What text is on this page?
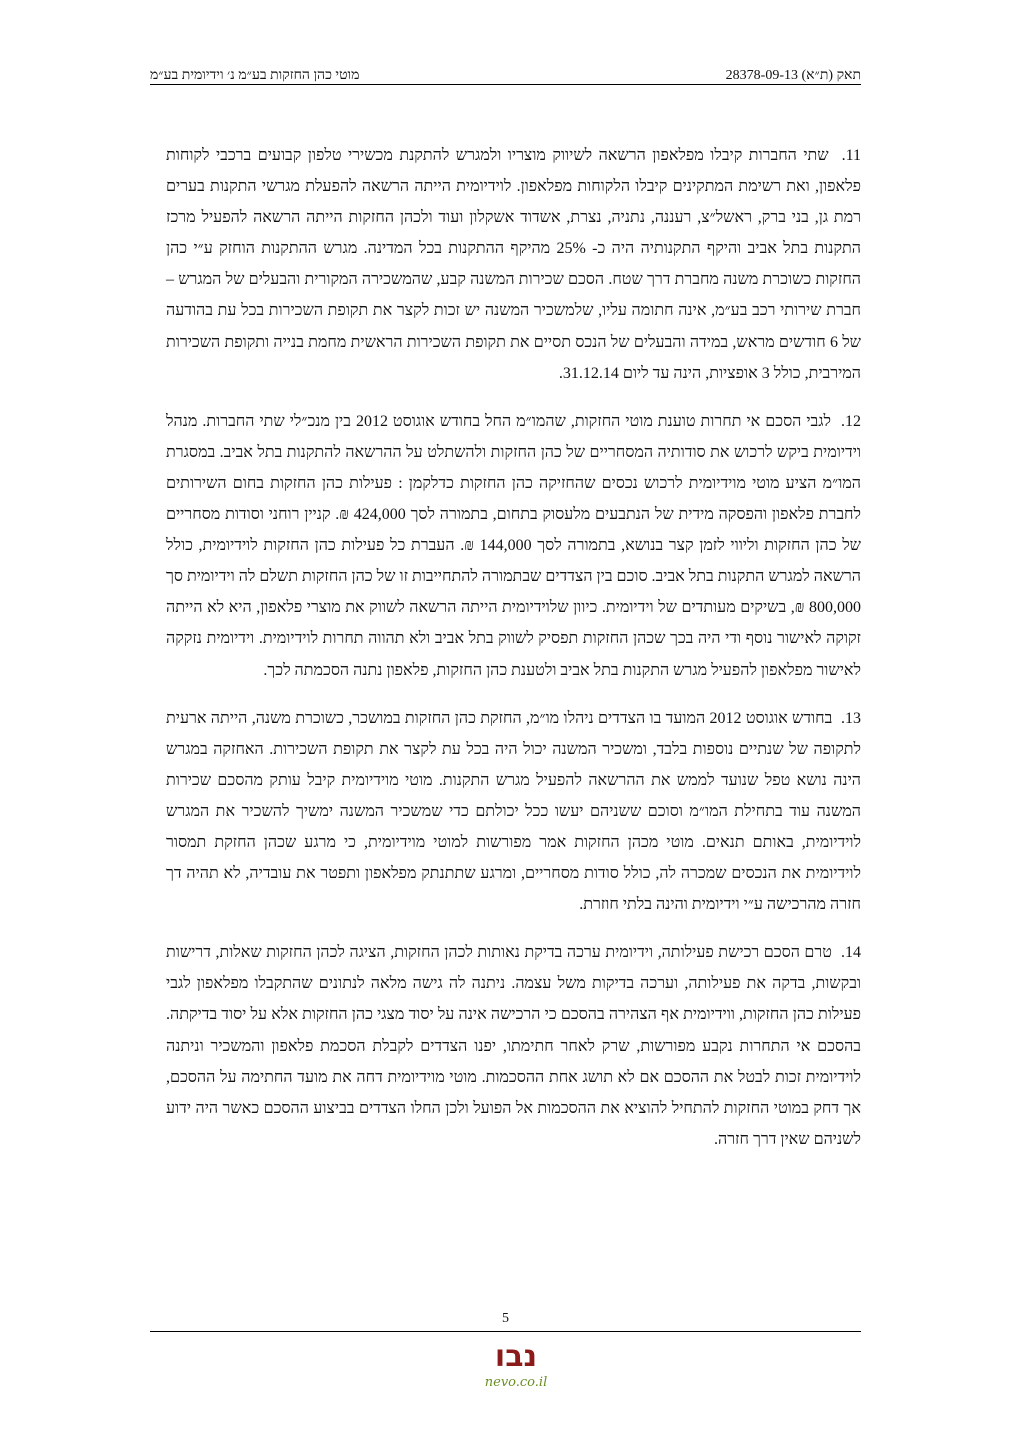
תאק (ת״א) 28378-09-13
מוטי כהן החזקות בע״מ נ׳ וידיומית בע״מ

11.  שתי החברות קיבלו מפלאפון הרשאה לשיווק מוצריו ולמגרש להתקנת מכשירי טלפון קבועים ברכבי לקוחות פלאפון, ואת רשימת המתקינים קיבלו הלקוחות מפלאפון. לוידיומית הייתה הרשאה להפעלת מגרשי התקנות בערים רמת גן, בני ברק, ראשל״צ, רעננה, נתניה, נצרת, אשדוד אשקלון ועוד ולכהן החזקות הייתה הרשאה להפעיל מרכז התקנות בתל אביב והיקף התקנותיה היה כ- 25% מהיקף ההתקנות בכל המדינה. מגרש ההתקנות הוחזק ע״י כהן החזקות כשוכרת משנה מחברת דרך שטח. הסכם שכירות המשנה קבע, שהמשכירה המקורית והבעלים של המגרש – חברת שירותי רכב בע״מ, אינה חתומה עליו, שלמשכיר המשנה יש זכות לקצר את תקופת השכירות בכל עת בהודעה של 6 חודשים מראש, במידה והבעלים של הנכס תסיים את תקופת השכירות הראשית מחמת בנייה ותקופת השכירות המירבית, כולל 3 אופציות, הינה עד ליום 31.12.14.

12.  לגבי הסכם אי תחרות טוענת מוטי החזקות, שהמו״מ החל בחודש אוגוסט 2012 בין מנכ״לי שתי החברות. מנהל וידיומית ביקש לרכוש את סודותיה המסחריים של כהן החזקות ולהשתלט על ההרשאה להתקנות בתל אביב. במסגרת המו״מ הציע מוטי מוידיומית לרכוש נכסים שהחזיקה כהן החזקות כדלקמן : פעילות כהן החזקות בחום השירותים לחברת פלאפון והפסקה מידית של הנתבעים מלעסוק בתחום, בתמורה לסך 424,000 ₪. קניין רוחני וסודות מסחריים של כהן החזקות וליווי לזמן קצר בנושא, בתמורה לסך 144,000 ₪. העברת כל פעילות כהן החזקות לוידיומית, כולל הרשאה למגרש התקנות בתל אביב. סוכם בין הצדדים שבתמורה להתחייבות זו של כהן החזקות תשלם לה וידיומית סך 800,000 ₪, בשיקים מעותדים של וידיומית. כיוון שלוידיומית הייתה הרשאה לשווק את מוצרי פלאפון, היא לא הייתה זקוקה לאישור נוסף ודי היה בכך שכהן החזקות תפסיק לשווק בתל אביב ולא תהווה תחרות לוידיומית. וידיומית נזקקה לאישור מפלאפון להפעיל מגרש התקנות בתל אביב ולטענת כהן החזקות, פלאפון נתנה הסכמתה לכך.

13.  בחודש אוגוסט 2012 המועד בו הצדדים ניהלו מו״מ, החזקת כהן החזקות במושכר, כשוכרת משנה, הייתה ארעית לתקופה של שנתיים נוספות בלבד, ומשכיר המשנה יכול היה בכל עת לקצר את תקופת השכירות. האחזקה במגרש הינה נושא טפל שנועד לממש את ההרשאה להפעיל מגרש התקנות. מוטי מוידיומית קיבל עותק מהסכם שכירות המשנה עוד בתחילת המו״מ וסוכם ששניהם יעשו ככל יכולתם כדי שמשכיר המשנה ימשיך להשכיר את המגרש לוידיומית, באותם תנאים. מוטי מכהן החזקות אמר מפורשות למוטי מוידיומית, כי מרגע שכהן החזקת תמסור לוידיומית את הנכסים שמכרה לה, כולל סודות מסחריים, ומרגע שתתנתק מפלאפון ותפטר את עובדיה, לא תהיה דך חזרה מהרכישה ע״י וידיומית והינה בלתי חוזרת.

14.  טרם הסכם רכישת פעילותה, וידיומית ערכה בדיקת נאותות לכהן החזקות, הציגה לכהן החזקות שאלות, דרישות ובקשות, בדקה את פעילותה, וערכה בדיקות משל עצמה. ניתנה לה גישה מלאה לנתונים שהתקבלו מפלאפון לגבי פעילות כהן החזקות, ווידיומית אף הצהירה בהסכם כי הרכישה אינה על יסוד מצגי כהן החזקות אלא על יסוד בדיקתה. בהסכם אי התחרות נקבע מפורשות, שרק לאחר חתימתו, יפנו הצדדים לקבלת הסכמת פלאפון והמשכיר וניתנה לוידיומית זכות לבטל את ההסכם אם לא תושג אחת ההסכמות. מוטי מוידיומית דחה את מועד החתימה על ההסכם, אך דחק במוטי החזקות להתחיל להוציא את ההסכמות אל הפועל ולכן החלו הצדדים בביצוע ההסכם כאשר היה ידוע לשניהם שאין דרך חזרה.

5
נבו
nevo.co.il
